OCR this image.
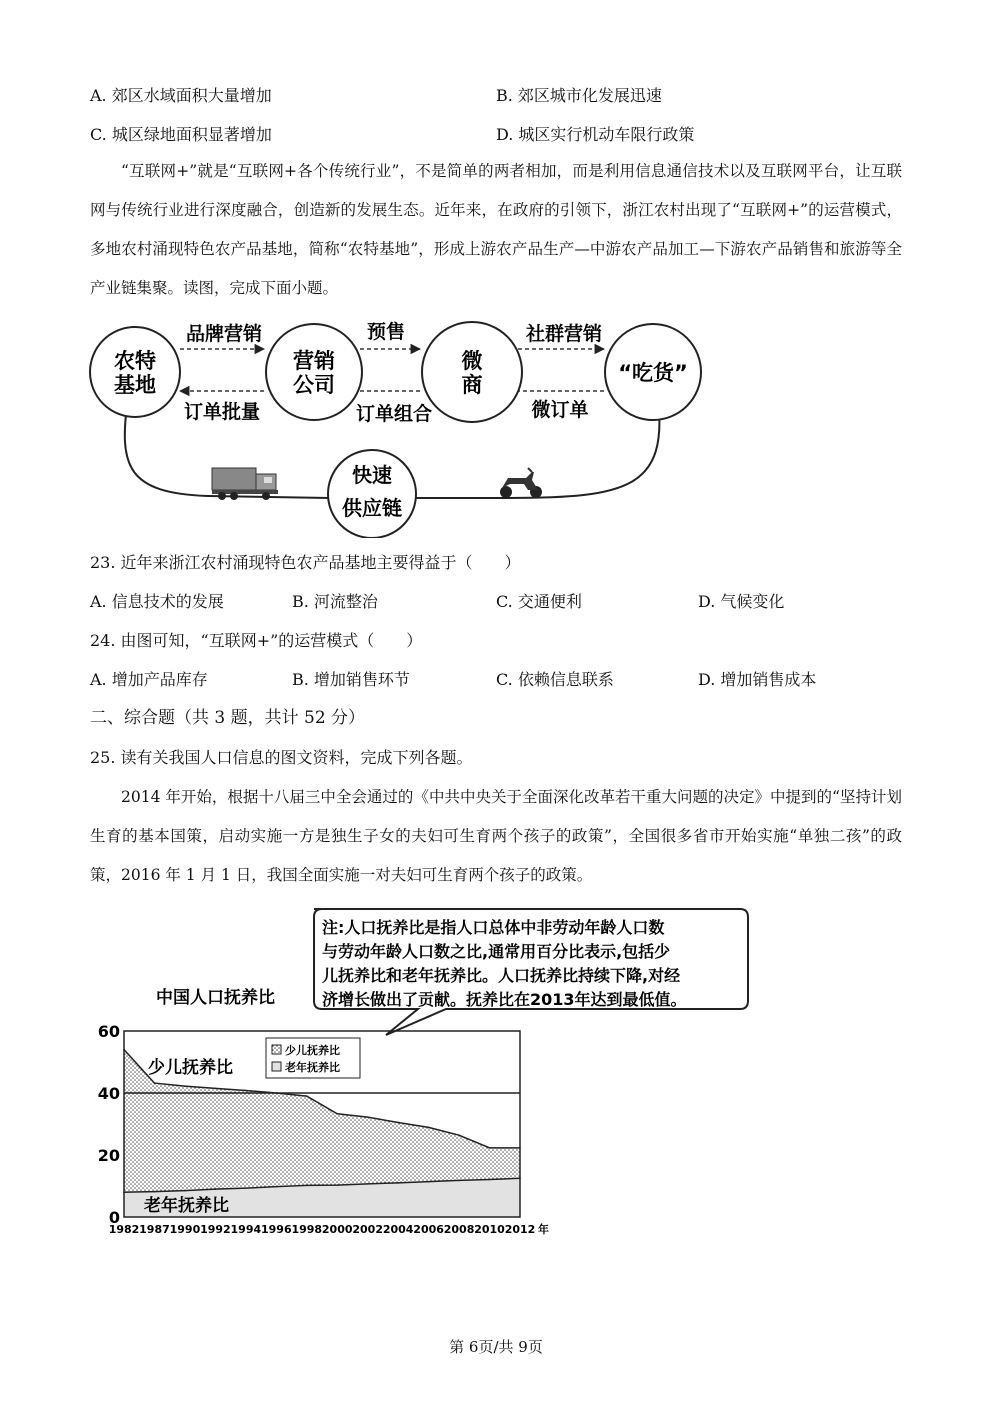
A. 郊区水域面积大量增加	B. 郊区城市化发展迅速
C. 城区绿地面积显著增加	D. 城区实行机动车限行政策
“互联网+”就是“互联网+各个传统行业”，不是简单的两者相加，而是利用信息通信技术以及互联网平台，让互联网与传统行业进行深度融合，创造新的发展生态。近年来，在政府的引领下，浙江农村出现了“互联网+”的运营模式，多地农村涌现特色农产品基地，简称“农特基地”，形成上游农产品生产—中游农产品加工—下游农产品销售和旅游等全产业链集聚。读图，完成下面小题。
农特
基地
营销
公司
微
商	“吃货”
快速
供应链
品牌营销	预售	社群营销
订单批量	订单组合	微订单
23. 近年来浙江农村涌现特色农产品基地主要得益于（　　）
A. 信息技术的发展	B. 河流整治	C. 交通便利	D. 气候变化
24. 由图可知，“互联网+”的运营模式（　　）
A. 增加产品库存	B. 增加销售环节	C. 依赖信息联系	D. 增加销售成本
二、综合题（共 3 题，共计 52 分）
25. 读有关我国人口信息的图文资料，完成下列各题。
2014 年开始，根据十八届三中全会通过的《中共中央关于全面深化改革若干重大问题的决定》中提到的“坚持计划生育的基本国策，启动实施一方是独生子女的夫妇可生育两个孩子的政策”，全国很多省市开始实施“单独二孩”的政策，2016 年 1 月 1 日，我国全面实施一对夫妇可生育两个孩子的政策。
注:人口抚养比是指人口总体中非劳动年龄人口数
与劳动年龄人口数之比,通常用百分比表示,包括少
儿抚养比和老年抚养比。人口抚养比持续下降,对经
济增长做出了贡献。抚养比在2013年达到最低值。
中国人口抚养比
0
20
40
60
1982 1987 1990 1992 1994 1996 1998 2000 2002 2004 2006 2008 2010 2012 年
少儿抚养比
老年抚养比
少儿抚养比
老年抚养比
第 6页/共 9页
